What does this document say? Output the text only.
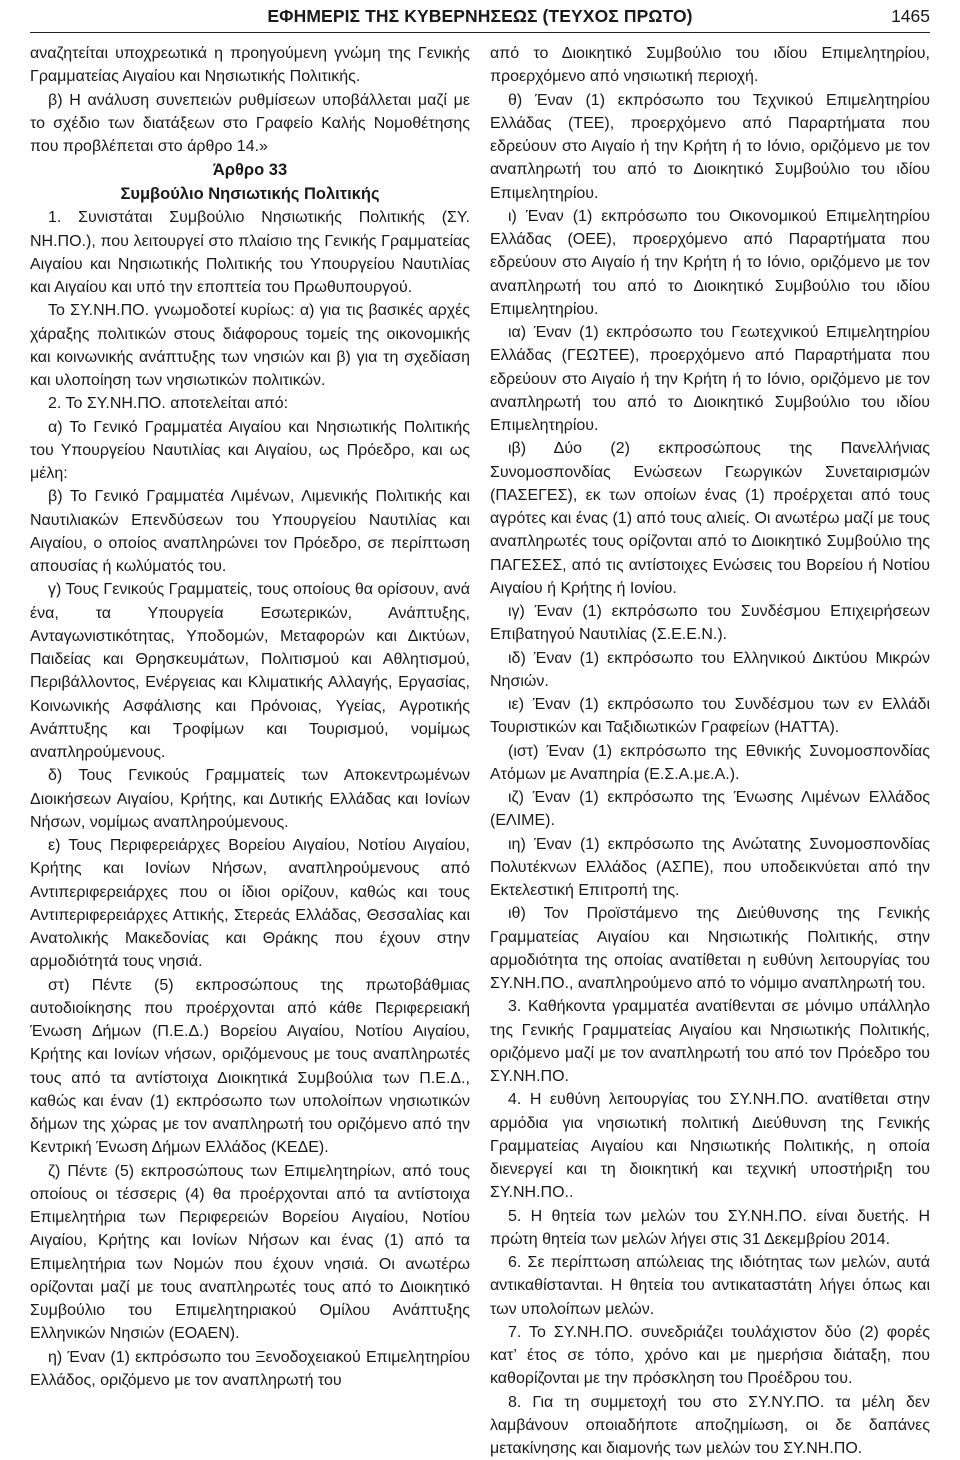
ΕΦΗΜΕΡΙΣ ΤΗΣ ΚΥΒΕΡΝΗΣΕΩΣ (ΤΕΥΧΟΣ ΠΡΩΤΟ)	1465

αναζητείται υποχρεωτικά η προηγούμενη γνώμη της Γενικής Γραμματείας Αιγαίου και Νησιωτικής Πολιτικής.

β) Η ανάλυση συνεπειών ρυθμίσεων υποβάλλεται μαζί με το σχέδιο των διατάξεων στο Γραφείο Καλής Νομοθέτησης που προβλέπεται στο άρθρο 14.»

Άρθρο 33
Συμβούλιο Νησιωτικής Πολιτικής

1. Συνιστάται Συμβούλιο Νησιωτικής Πολιτικής (ΣΥ. ΝΗ.ΠΟ.), που λειτουργεί στο πλαίσιο της Γενικής Γραμματείας Αιγαίου και Νησιωτικής Πολιτικής του Υπουργείου Ναυτιλίας και Αιγαίου και υπό την εποπτεία του Πρωθυπουργού.

Το ΣΥ.ΝΗ.ΠΟ. γνωμοδοτεί κυρίως: α) για τις βασικές αρχές χάραξης πολιτικών στους διάφορους τομείς της οικονομικής και κοινωνικής ανάπτυξης των νησιών και β) για τη σχεδίαση και υλοποίηση των νησιωτικών πολιτικών.

2. Το ΣΥ.ΝΗ.ΠΟ. αποτελείται από:

α) Το Γενικό Γραμματέα Αιγαίου και Νησιωτικής Πολιτικής του Υπουργείου Ναυτιλίας και Αιγαίου, ως Πρόεδρο, και ως μέλη:

β) Το Γενικό Γραμματέα Λιμένων, Λιμενικής Πολιτικής και Ναυτιλιακών Επενδύσεων του Υπουργείου Ναυτιλίας και Αιγαίου, ο οποίος αναπληρώνει τον Πρόεδρο, σε περίπτωση απουσίας ή κωλύματός του.

γ) Τους Γενικούς Γραμματείς, τους οποίους θα ορίσουν, ανά ένα, τα Υπουργεία Εσωτερικών, Ανάπτυξης, Ανταγωνιστικότητας, Υποδομών, Μεταφορών και Δικτύων, Παιδείας και Θρησκευμάτων, Πολιτισμού και Αθλητισμού, Περιβάλλοντος, Ενέργειας και Κλιματικής Αλλαγής, Εργασίας, Κοινωνικής Ασφάλισης και Πρόνοιας, Υγείας, Αγροτικής Ανάπτυξης και Τροφίμων και Τουρισμού, νομίμως αναπληρούμενους.

δ) Τους Γενικούς Γραμματείς των Αποκεντρωμένων Διοικήσεων Αιγαίου, Κρήτης, και Δυτικής Ελλάδας και Ιονίων Νήσων, νομίμως αναπληρούμενους.

ε) Τους Περιφερειάρχες Βορείου Αιγαίου, Νοτίου Αιγαίου, Κρήτης και Ιονίων Νήσων, αναπληρούμενους από Αντιπεριφερειάρχες που οι ίδιοι ορίζουν, καθώς και τους Αντιπεριφερειάρχες Αττικής, Στερεάς Ελλάδας, Θεσσαλίας και Ανατολικής Μακεδονίας και Θράκης που έχουν στην αρμοδιότητά τους νησιά.

στ) Πέντε (5) εκπροσώπους της πρωτοβάθμιας αυτοδιοίκησης που προέρχονται από κάθε Περιφερειακή Ένωση Δήμων (Π.Ε.Δ.) Βορείου Αιγαίου, Νοτίου Αιγαίου, Κρήτης και Ιονίων νήσων, οριζόμενους με τους αναπληρωτές τους από τα αντίστοιχα Διοικητικά Συμβούλια των Π.Ε.Δ., καθώς και έναν (1) εκπρόσωπο των υπολοίπων νησιωτικών δήμων της χώρας με τον αναπληρωτή του οριζόμενο από την Κεντρική Ένωση Δήμων Ελλάδος (ΚΕΔΕ).

ζ) Πέντε (5) εκπροσώπους των Επιμελητηρίων, από τους οποίους οι τέσσερις (4) θα προέρχονται από τα αντίστοιχα Επιμελητήρια των Περιφερειών Βορείου Αιγαίου, Νοτίου Αιγαίου, Κρήτης και Ιονίων Νήσων και ένας (1) από τα Επιμελητήρια των Νομών που έχουν νησιά. Οι ανωτέρω ορίζονται μαζί με τους αναπληρωτές τους από το Διοικητικό Συμβούλιο του Επιμελητηριακού Ομίλου Ανάπτυξης Ελληνικών Νησιών (ΕΟΑΕΝ).

η) Έναν (1) εκπρόσωπο του Ξενοδοχειακού Επιμελητηρίου Ελλάδος, οριζόμενο με τον αναπληρωτή του

από το Διοικητικό Συμβούλιο του ιδίου Επιμελητηρίου, προερχόμενο από νησιωτική περιοχή.

θ) Έναν (1) εκπρόσωπο του Τεχνικού Επιμελητηρίου Ελλάδας (ΤΕΕ), προερχόμενο από Παραρτήματα που εδρεύουν στο Αιγαίο ή την Κρήτη ή το Ιόνιο, οριζόμενο με τον αναπληρωτή του από το Διοικητικό Συμβούλιο του ιδίου Επιμελητηρίου.

ι) Έναν (1) εκπρόσωπο του Οικονομικού Επιμελητηρίου Ελλάδας (ΟΕΕ), προερχόμενο από Παραρτήματα που εδρεύουν στο Αιγαίο ή την Κρήτη ή το Ιόνιο, οριζόμενο με τον αναπληρωτή του από το Διοικητικό Συμβούλιο του ιδίου Επιμελητηρίου.

ια) Έναν (1) εκπρόσωπο του Γεωτεχνικού Επιμελητηρίου Ελλάδας (ΓΕΩΤΕΕ), προερχόμενο από Παραρτήματα που εδρεύουν στο Αιγαίο ή την Κρήτη ή το Ιόνιο, οριζόμενο με τον αναπληρωτή του από το Διοικητικό Συμβούλιο του ιδίου Επιμελητηρίου.

ιβ) Δύο (2) εκπροσώπους της Πανελλήνιας Συνομοσπονδίας Ενώσεων Γεωργικών Συνεταιρισμών (ΠΑΣΕΓΕΣ), εκ των οποίων ένας (1) προέρχεται από τους αγρότες και ένας (1) από τους αλιείς. Οι ανωτέρω μαζί με τους αναπληρωτές τους ορίζονται από το Διοικητικό Συμβούλιο της ΠΑΓΕΣΕΣ, από τις αντίστοιχες Ενώσεις του Βορείου ή Νοτίου Αιγαίου ή Κρήτης ή Ιονίου.

ιγ) Έναν (1) εκπρόσωπο του Συνδέσμου Επιχειρήσεων Επιβατηγού Ναυτιλίας (Σ.Ε.Ε.Ν.).

ιδ) Έναν (1) εκπρόσωπο του Ελληνικού Δικτύου Μικρών Νησιών.

ιε) Έναν (1) εκπρόσωπο του Συνδέσμου των εν Ελλάδι Τουριστικών και Ταξιδιωτικών Γραφείων (ΗΑΤΤΑ).

(ιστ) Έναν (1) εκπρόσωπο της Εθνικής Συνομοσπονδίας Ατόμων με Αναπηρία (Ε.Σ.Α.με.Α.).

ιζ) Έναν (1) εκπρόσωπο της Ένωσης Λιμένων Ελλάδος (ΕΛΙΜΕ).

ιη) Έναν (1) εκπρόσωπο της Ανώτατης Συνομοσπονδίας Πολυτέκνων Ελλάδος (ΑΣΠΕ), που υποδεικνύεται από την Εκτελεστική Επιτροπή της.

ιθ) Τον Προϊστάμενο της Διεύθυνσης της Γενικής Γραμματείας Αιγαίου και Νησιωτικής Πολιτικής, στην αρμοδιότητα της οποίας ανατίθεται η ευθύνη λειτουργίας του ΣΥ.ΝΗ.ΠΟ., αναπληρούμενο από το νόμιμο αναπληρωτή του.

3. Καθήκοντα γραμματέα ανατίθενται σε μόνιμο υπάλληλο της Γενικής Γραμματείας Αιγαίου και Νησιωτικής Πολιτικής, οριζόμενο μαζί με τον αναπληρωτή του από τον Πρόεδρο του ΣΥ.ΝΗ.ΠΟ.

4. Η ευθύνη λειτουργίας του ΣΥ.ΝΗ.ΠΟ. ανατίθεται στην αρμόδια για νησιωτική πολιτική Διεύθυνση της Γενικής Γραμματείας Αιγαίου και Νησιωτικής Πολιτικής, η οποία διενεργεί και τη διοικητική και τεχνική υποστήριξη του ΣΥ.ΝΗ.ΠΟ..

5. Η θητεία των μελών του ΣΥ.ΝΗ.ΠΟ. είναι δυετής. Η πρώτη θητεία των μελών λήγει στις 31 Δεκεμβρίου 2014.

6. Σε περίπτωση απώλειας της ιδιότητας των μελών, αυτά αντικαθίστανται. Η θητεία του αντικαταστάτη λήγει όπως και των υπολοίπων μελών.

7. Το ΣΥ.ΝΗ.ΠΟ. συνεδριάζει τουλάχιστον δύο (2) φορές κατ’ έτος σε τόπο, χρόνο και με ημερήσια διάταξη, που καθορίζονται με την πρόσκληση του Προέδρου του.

8. Για τη συμμετοχή του στο ΣΥ.ΝΥ.ΠΟ. τα μέλη δεν λαμβάνουν οποιαδήποτε αποζημίωση, οι δε δαπάνες μετακίνησης και διαμονής των μελών του ΣΥ.ΝΗ.ΠΟ.
